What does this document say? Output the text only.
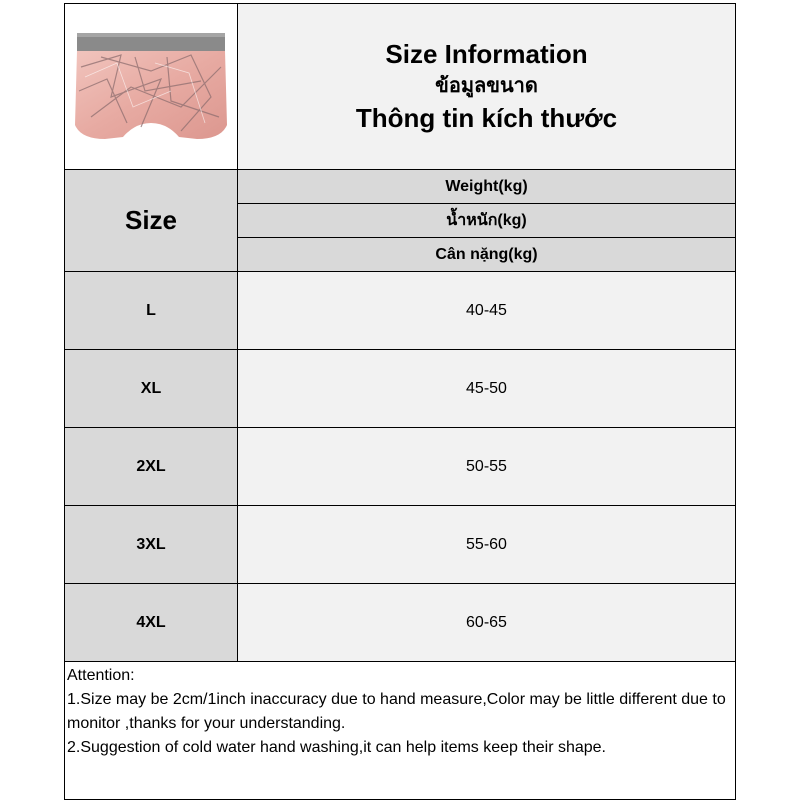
Size Information
ข้อมูลขนาด
Thông tin kích thước
Size
Weight(kg)
น้ำหนัก(kg)
Cân nặng(kg)
L	40-45
XL	45-50
2XL	50-55
3XL	55-60
4XL	60-65

Attention:

1.Size may be 2cm/1inch inaccuracy due to hand measure,Color may be little different due to monitor ,thanks for your understanding.

2.Suggestion of cold water hand washing,it can help items keep their shape.
